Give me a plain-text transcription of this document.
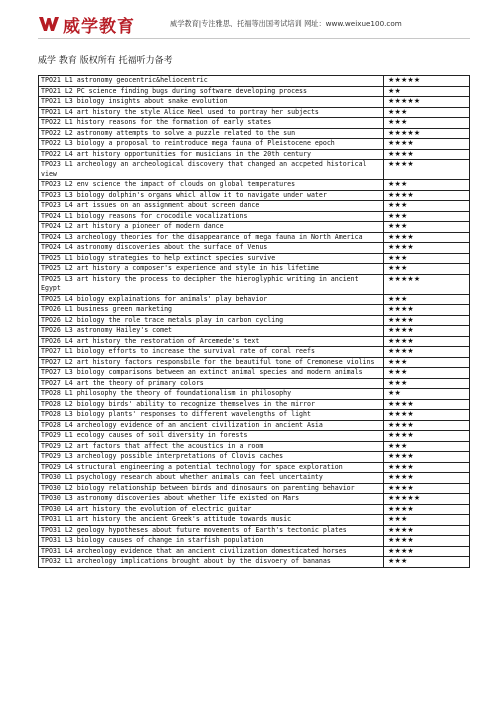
威学教育	威学教育|专注雅思、托福等出国考试培训 网址：www.weixue100.com
威学 教育 版权所有 托福听力备考
TPO21 L1 astronomy geocentric&heliocentric	★★★★★
TPO21 L2 PC science finding bugs during software developing process	★★
TPO21 L3 biology insights about snake evolution	★★★★★
TPO21 L4 art history the style Alice Neel used to portray her subjects	★★★
TPO22 L1 history reasons for the formation of early states	★★★
TPO22 L2 astronomy attempts to solve a puzzle related to the sun	★★★★★
TPO22 L3 biology a proposal to reintroduce mega fauna of Pleistocene epoch	★★★★
TPO22 L4 art history opportunities for musicians in the 20th century	★★★★
TPO23 L1 archeology an archeological discovery that changed an accpeted historical view	★★★★
TPO23 L2 env science the impact of clouds on global temperatures	★★★
TPO23 L3 biology dolphin's organs whicl allow it to navigate under water	★★★★
TPO23 L4 art issues on an assignment about screen dance	★★★
TPO24 L1 biology reasons for crocodile vocalizations	★★★
TPO24 L2 art history a pioneer of modern dance	★★★
TPO24 L3 archeology theories for the disappearance of mega fauna in North America	★★★★
TPO24 L4 astronomy discoveries about the surface of Venus	★★★★
TPO25 L1 biology strategies to help extinct species survive	★★★
TPO25 L2 art history a composer's experience and style in his lifetime	★★★
TPO25 L3 art history the process to decipher the hieroglyphic writing in ancient Egypt	★★★★★
TPO25 L4 biology explainations for animals' play behavior	★★★
TPO26 L1 business green marketing	★★★★
TPO26 L2 biology the role trace metals play in carbon cycling	★★★★
TPO26 L3 astronomy Hailey's comet	★★★★
TPO26 L4 art history the restoration of Arcemede's text	★★★★
TPO27 L1 biology efforts to increase the survival rate of coral reefs	★★★★
TPO27 L2 art history factors responsbile for the beautiful tone of Cremonese violins	★★★
TPO27 L3 biology comparisons between an extinct animal species and modern animals	★★★
TPO27 L4 art the theory of primary colors	★★★
TPO28 L1 philosophy the theory of foundationalism in philosophy	★★
TPO28 L2 biology birds' ability to recognize themselves in the mirror	★★★★
TPO28 L3 biology plants' responses to different wavelengths of light	★★★★
TPO28 L4 archeology evidence of an ancient civilization in ancient Asia	★★★★
TPO29 L1 ecology causes of soil diversity in forests	★★★★
TPO29 L2 art factors that affect the acoustics in a room	★★★
TPO29 L3 archeology possible interpretations of Clovis caches	★★★★
TPO29 L4 structural engineering a potential technology for space exploration	★★★★
TPO30 L1 psychology research about whether animals can feel uncertainty	★★★★
TPO30 L2 biology relationship between birds and dinosaurs on parenting behavior	★★★★
TPO30 L3 astronomy discoveries about whether life existed on Mars	★★★★★
TPO30 L4 art history the evolution of electric guitar	★★★★
TPO31 L1 art history the ancient Greek's attitude towards music	★★★
TPO31 L2 geology hypotheses about future movements of Earth's tectonic plates	★★★★
TPO31 L3 biology causes of change in starfish population	★★★★
TPO31 L4 archeology evidence that an ancient civilization domesticated horses	★★★★
TPO32 L1 archeology implications brought about by the disvoery of bananas	★★★
